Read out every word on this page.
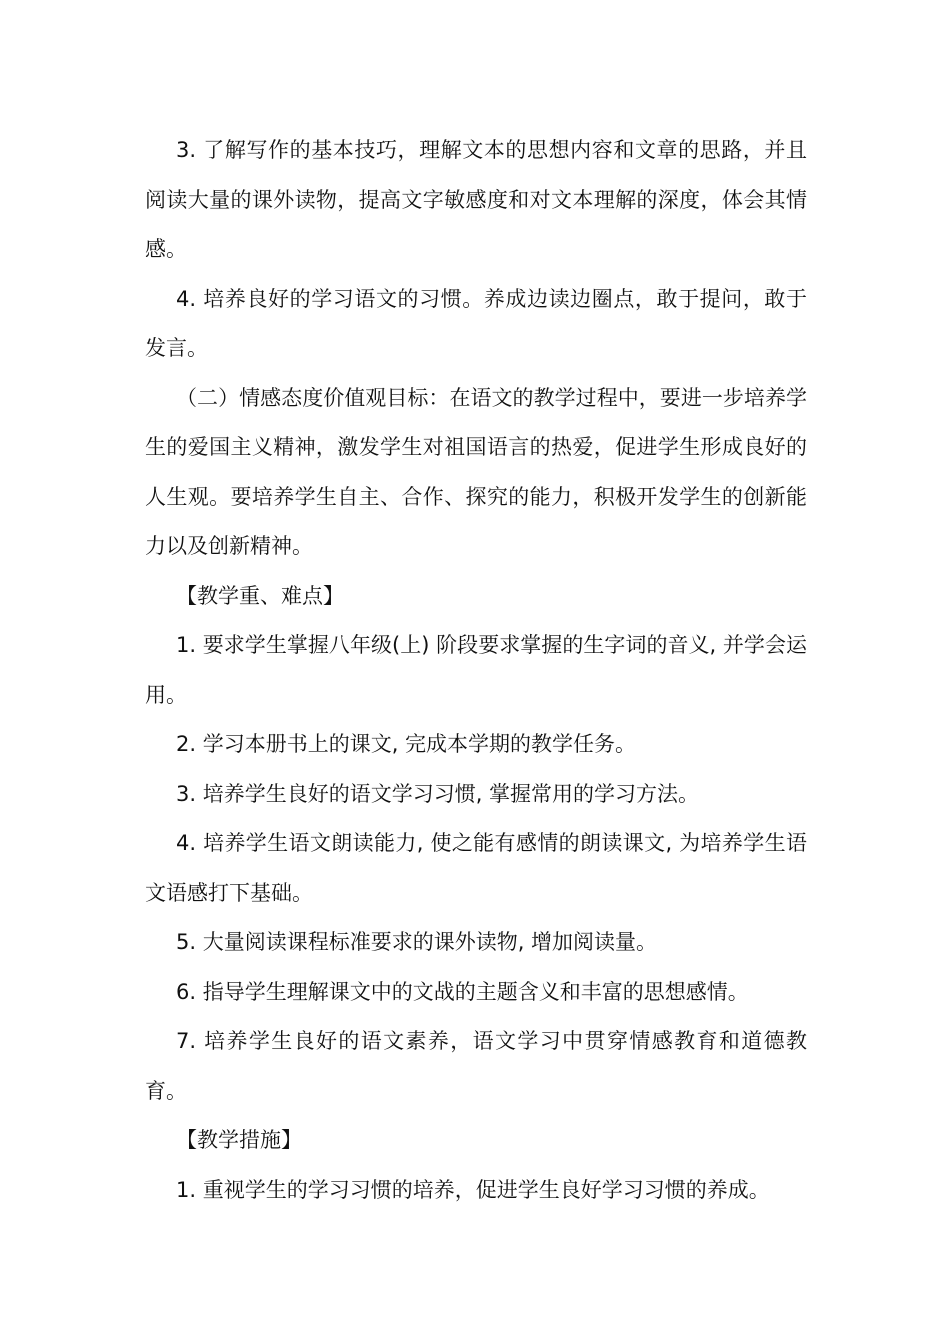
3. 了解写作的基本技巧，理解文本的思想内容和文章的思路，并且阅读大量的课外读物，提高文字敏感度和对文本理解的深度，体会其情感。

4. 培养良好的学习语文的习惯。养成边读边圈点，敢于提问，敢于发言。

（二）情感态度价值观目标：在语文的教学过程中，要进一步培养学生的爱国主义精神，激发学生对祖国语言的热爱，促进学生形成良好的人生观。要培养学生自主、合作、探究的能力，积极开发学生的创新能力以及创新精神。

【教学重、难点】

1. 要求学生掌握八年级(上) 阶段要求掌握的生字词的音义, 并学会运用。

2. 学习本册书上的课文, 完成本学期的教学任务。

3. 培养学生良好的语文学习习惯, 掌握常用的学习方法。

4. 培养学生语文朗读能力, 使之能有感情的朗读课文, 为培养学生语文语感打下基础。

5. 大量阅读课程标准要求的课外读物, 增加阅读量。

6. 指导学生理解课文中的文战的主题含义和丰富的思想感情。

7. 培养学生良好的语文素养，语文学习中贯穿情感教育和道德教育。

【教学措施】

1. 重视学生的学习习惯的培养，促进学生良好学习习惯的养成。
